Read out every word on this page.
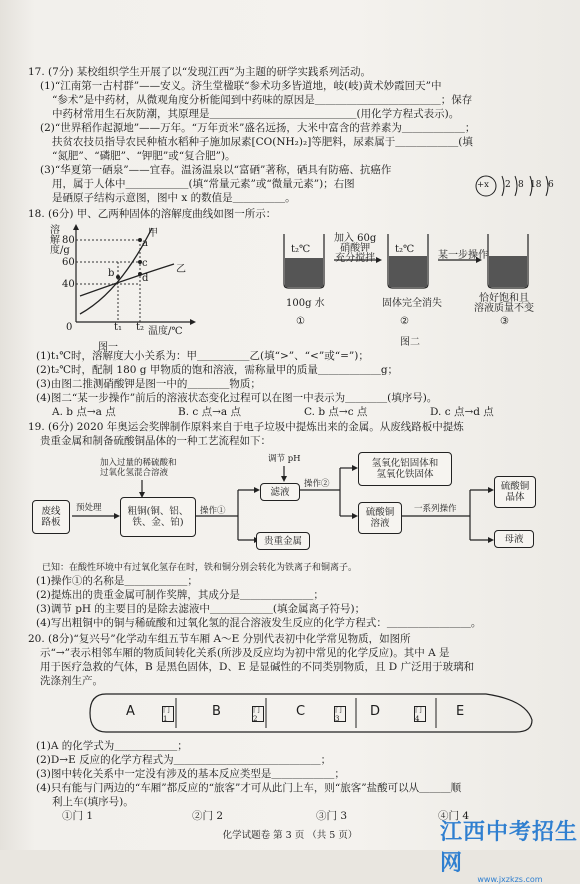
17. (7分) 某校组织学生开展了以“发现江西”为主题的研学实践系列活动。
(1)“江南第一古村群”——安义。济生堂楹联“参术功多皆道地，岐(岐)黄术妙霞回天”中
“参术”是中药材，从微观角度分析能闻到中药味的原因是＿＿＿＿＿＿＿＿＿＿＿＿；保存
中药材常用生石灰防潮，其原理是＿＿＿＿＿＿＿＿＿＿＿＿＿＿(用化学方程式表示)。
(2)“世界稻作起源地”——万年。“万年贡米”盛名远扬，大米中富含的营养素为＿＿＿＿＿＿；
扶贫农技员指导农民种植水稻种子施加尿素[CO(NH₂)₂]等肥料，尿素属于＿＿＿＿＿＿(填
“氮肥”、“磷肥”、“钾肥”或“复合肥”)。
(3)“华夏第一硒泉”——宜春。温汤温泉以“富硒”著称，硒具有防癌、抗癌作
用，属于人体中＿＿＿＿＿＿(填“常量元素”或“微量元素”)；右图
是硒原子结构示意图，图中 x 的数值是＿＿＿＿＿。
+x 2 8 18 6
18. (6分) 甲、乙两种固体的溶解度曲线如图一所示：
溶解度/g
80
60
40
0	t₁ t₂ 温度/℃
甲
乙
a
b
c
d
图一
t₂℃	t₂℃
加入 60g
硝酸钾
充分搅拌	某一步操作
100g 水	固体完全消失	恰好饱和且
溶液质量不变
①	②	③
图二
(1)t₁℃时，溶解度大小关系为：甲＿＿＿＿＿乙(填“>”、“<”或“=”)；
(2)t₂℃时，配制 180 g 甲物质的饱和溶液，需称量甲的质量＿＿＿＿＿＿g；
(3)由图二推测硝酸钾是图一中的＿＿＿＿物质；
(4)图二“某一步操作”前后的溶液状态变化过程可以在图一中表示为＿＿＿＿(填序号)。
A. b 点→a 点	B. c 点→a 点	C. b 点→c 点	D. c 点→d 点
19. (6分) 2020 年奥运会奖牌制作原料来自于电子垃圾中提炼出来的金属。从废线路板中提炼
贵重金属和制备硫酸铜晶体的一种工艺流程如下：
废线
路板
预处理	粗铜(铜、铝、
铁、金、铂)
加入过量的稀硫酸和
过氧化氢混合溶液
操作①
滤液
调节 pH
操作②
氢氧化铝固体和
氢氧化铁固体
硫酸铜
溶液
一系列操作
硫酸铜
晶体
贵重金属	母液
已知：在酸性环境中有过氧化氢存在时，铁和铜分别会转化为铁离子和铜离子。
(1)操作①的名称是＿＿＿＿＿＿；
(2)提炼出的贵重金属可制作奖牌，其成分是＿＿＿＿＿＿＿；
(3)调节 pH 的主要目的是除去滤液中＿＿＿＿＿＿(填金属离子符号)；
(4)写出粗铜中的铜与稀硫酸和过氧化氢的混合溶液发生反应的化学方程式：＿＿＿＿＿＿＿＿。
20. (8分)“复兴号”化学动车组五节车厢 A～E 分别代表初中化学常见物质，如图所
示“→”表示相邻车厢的物质间转化关系(所涉及反应均为初中常见的化学反应)。其中 A 是
用于医疗急救的气体，B 是黑色固体，D、E 是显碱性的不同类别物质，且 D 广泛用于玻璃和
洗涤剂生产。
A	B	C	D	E
门1
门2
门3
门4
(1)A 的化学式为＿＿＿＿＿＿；
(2)D→E 反应的化学方程式为＿＿＿＿＿＿＿＿＿＿＿＿＿＿；
(3)图中转化关系中一定没有涉及的基本反应类型是＿＿＿＿＿＿；
(4)只有能与门两边的“车厢”都反应的“旅客”才可从此门上车，则“旅客”盐酸可以从＿＿＿顺
利上车(填序号)。
①门 1	②门 2	③门 3	④门 4
化学试题卷 第 3 页 （共 5 页）	江西中考招生网
www.jxzkzs.com
